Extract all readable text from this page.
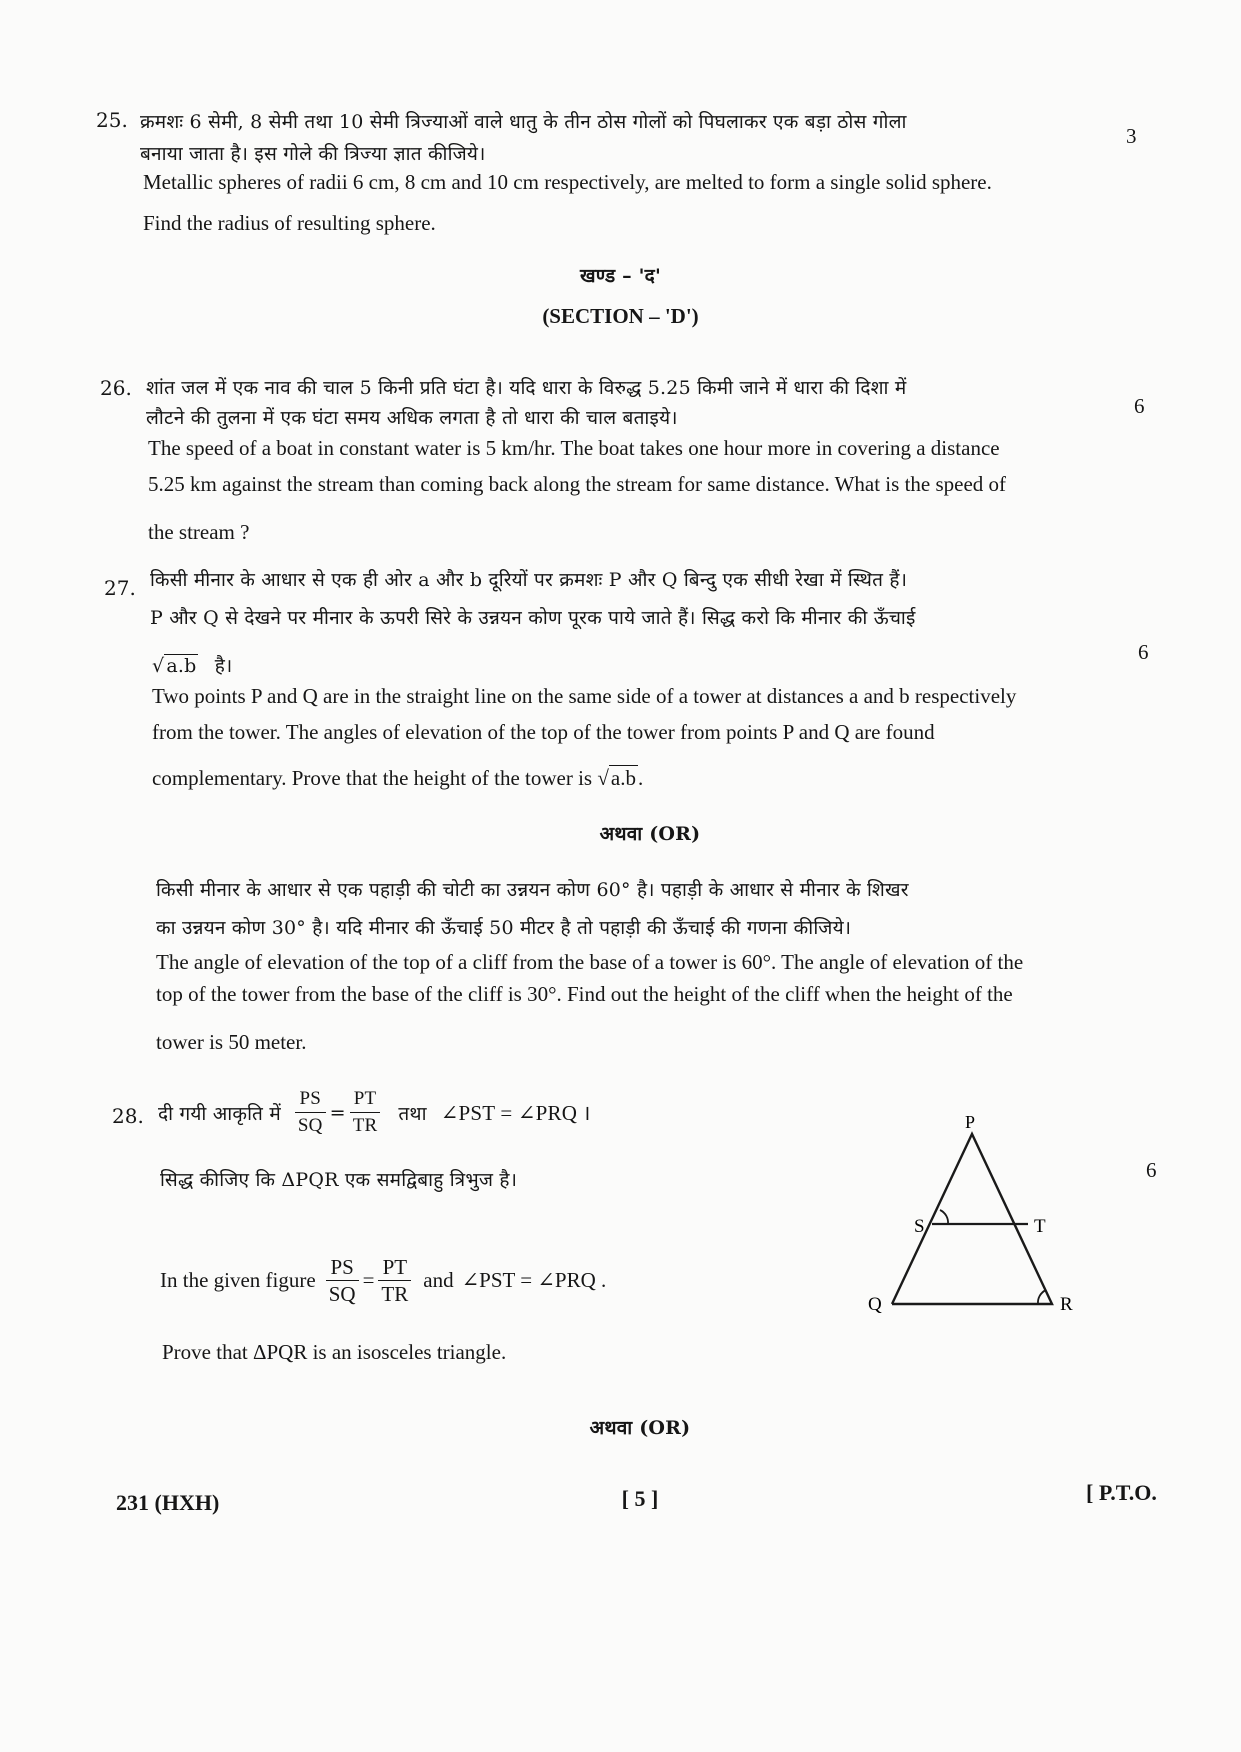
25. क्रमशः 6 सेमी, 8 सेमी तथा 10 सेमी त्रिज्याओं वाले धातु के तीन ठोस गोलों को पिघलाकर एक बड़ा ठोस गोला
बनाया जाता है। इस गोले की त्रिज्या ज्ञात कीजिये।
3
Metallic spheres of radii 6 cm, 8 cm and 10 cm respectively, are melted to form a single solid sphere.
Find the radius of resulting sphere.
खण्ड – 'द'
(SECTION – 'D')
26. शांत जल में एक नाव की चाल 5 किनी प्रति घंटा है। यदि धारा के विरुद्ध 5.25 किमी जाने में धारा की दिशा में
लौटने की तुलना में एक घंटा समय अधिक लगता है तो धारा की चाल बताइये।	6
The speed of a boat in constant water is 5 km/hr. The boat takes one hour more in covering a distance
5.25 km against the stream than coming back along the stream for same distance. What is the speed of
the stream ?
27. किसी मीनार के आधार से एक ही ओर a और b दूरियों पर क्रमशः P और Q बिन्दु एक सीधी रेखा में स्थित हैं।
P और Q से देखने पर मीनार के ऊपरी सिरे के उन्नयन कोण पूरक पाये जाते हैं। सिद्ध करो कि मीनार की ऊँचाई
√ a.b है।
6
Two points P and Q are in the straight line on the same side of a tower at distances a and b respectively
from the tower. The angles of elevation of the top of the tower from points P and Q are found
complementary. Prove that the height of the tower is √a.b.
अथवा (OR)
किसी मीनार के आधार से एक पहाड़ी की चोटी का उन्नयन कोण 60° है। पहाड़ी के आधार से मीनार के शिखर
का उन्नयन कोण 30° है। यदि मीनार की ऊँचाई 50 मीटर है तो पहाड़ी की ऊँचाई की गणना कीजिये।
The angle of elevation of the top of a cliff from the base of a tower is 60°. The angle of elevation of the
top of the tower from the base of the cliff is 30°. Find out the height of the cliff when the height of the
tower is 50 meter.
28. दी गयी आकृति में $\frac{PS}{SQ} = \frac{PT}{TR}$ तथा ∠PST = ∠PRQ ।
सिद्ध कीजिए कि ΔPQR एक समद्विबाहु त्रिभुज है।	6
In the given figure $\frac{PS}{SQ} = \frac{PT}{TR}$ and ∠PST = ∠PRQ .
Prove that ΔPQR is an isosceles triangle.
P
Q	R
S	T
अथवा (OR)
231 (HXH)	[ 5 ]	[ P.T.O.
